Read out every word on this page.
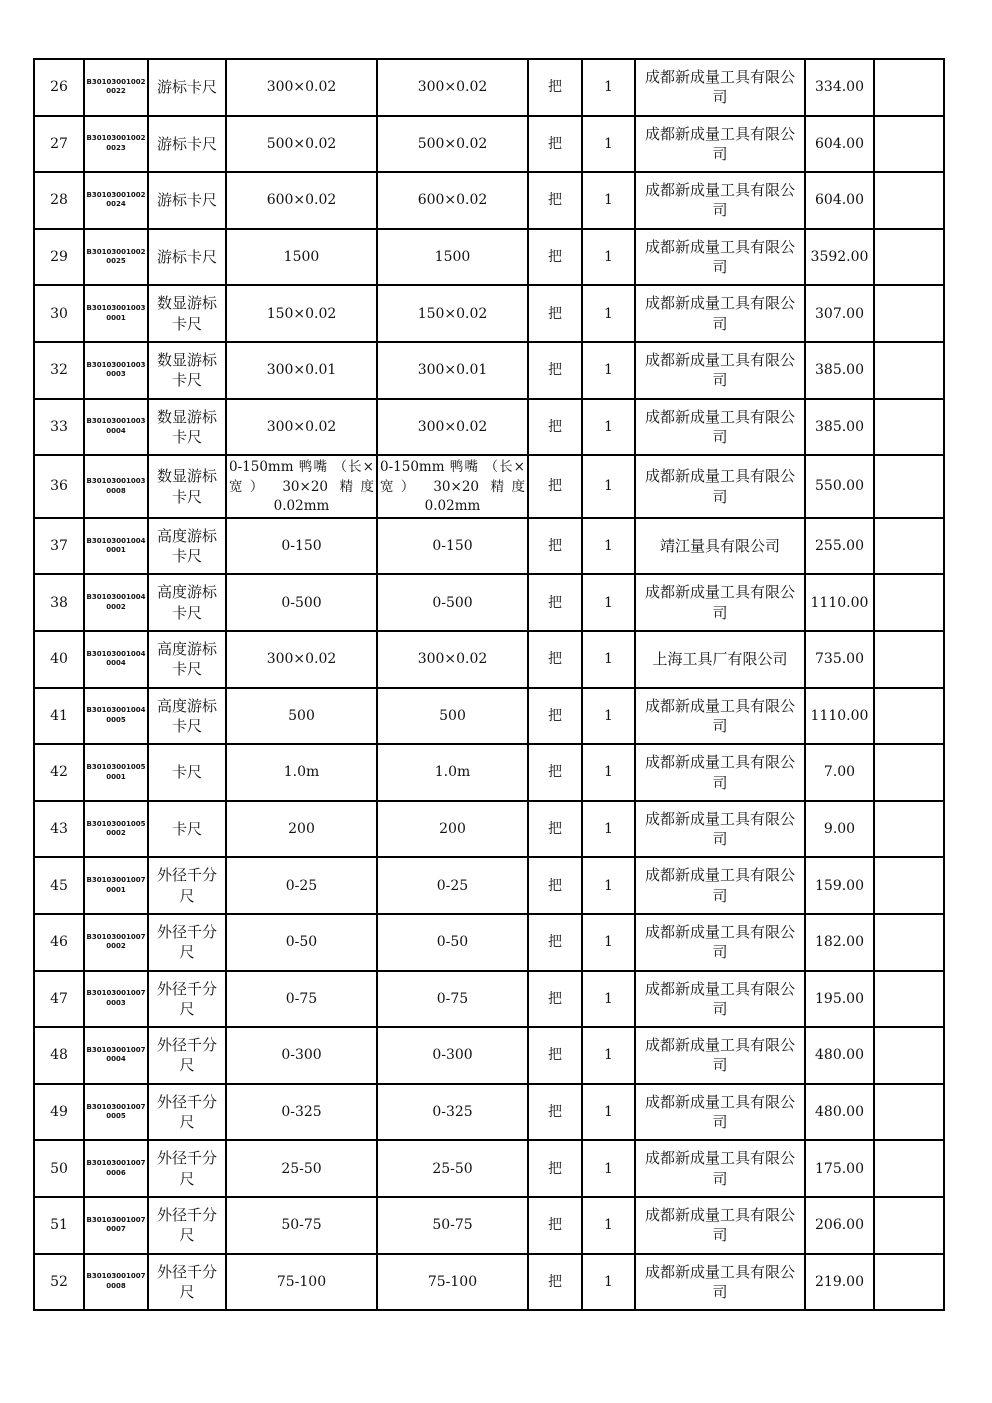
26	B301030010020022	游标卡尺	300×0.02	300×0.02	把	1	成都新成量工具有限公司	334.00	
27	B301030010020023	游标卡尺	500×0.02	500×0.02	把	1	成都新成量工具有限公司	604.00	
28	B301030010020024	游标卡尺	600×0.02	600×0.02	把	1	成都新成量工具有限公司	604.00	
29	B301030010020025	游标卡尺	1500	1500	把	1	成都新成量工具有限公司	3592.00	
30	B301030010030001	数显游标卡尺	150×0.02	150×0.02	把	1	成都新成量工具有限公司	307.00	
32	B301030010030003	数显游标卡尺	300×0.01	300×0.01	把	1	成都新成量工具有限公司	385.00	
33	B301030010030004	数显游标卡尺	300×0.02	300×0.02	把	1	成都新成量工具有限公司	385.00	
36	B301030010030008	数显游标卡尺	0-150mm 鸭嘴 （长×宽） 30×20 精度0.02mm	0-150mm 鸭嘴 （长×宽） 30×20 精度0.02mm	把	1	成都新成量工具有限公司	550.00	
37	B301030010040001	高度游标卡尺	0-150	0-150	把	1	靖江量具有限公司	255.00	
38	B301030010040002	高度游标卡尺	0-500	0-500	把	1	成都新成量工具有限公司	1110.00	
40	B301030010040004	高度游标卡尺	300×0.02	300×0.02	把	1	上海工具厂有限公司	735.00	
41	B301030010040005	高度游标卡尺	500	500	把	1	成都新成量工具有限公司	1110.00	
42	B301030010050001	卡尺	1.0m	1.0m	把	1	成都新成量工具有限公司	7.00	
43	B301030010050002	卡尺	200	200	把	1	成都新成量工具有限公司	9.00	
45	B301030010070001	外径千分尺	0-25	0-25	把	1	成都新成量工具有限公司	159.00	
46	B301030010070002	外径千分尺	0-50	0-50	把	1	成都新成量工具有限公司	182.00	
47	B301030010070003	外径千分尺	0-75	0-75	把	1	成都新成量工具有限公司	195.00	
48	B301030010070004	外径千分尺	0-300	0-300	把	1	成都新成量工具有限公司	480.00	
49	B301030010070005	外径千分尺	0-325	0-325	把	1	成都新成量工具有限公司	480.00	
50	B301030010070006	外径千分尺	25-50	25-50	把	1	成都新成量工具有限公司	175.00	
51	B301030010070007	外径千分尺	50-75	50-75	把	1	成都新成量工具有限公司	206.00	
52	B301030010070008	外径千分尺	75-100	75-100	把	1	成都新成量工具有限公司	219.00	
